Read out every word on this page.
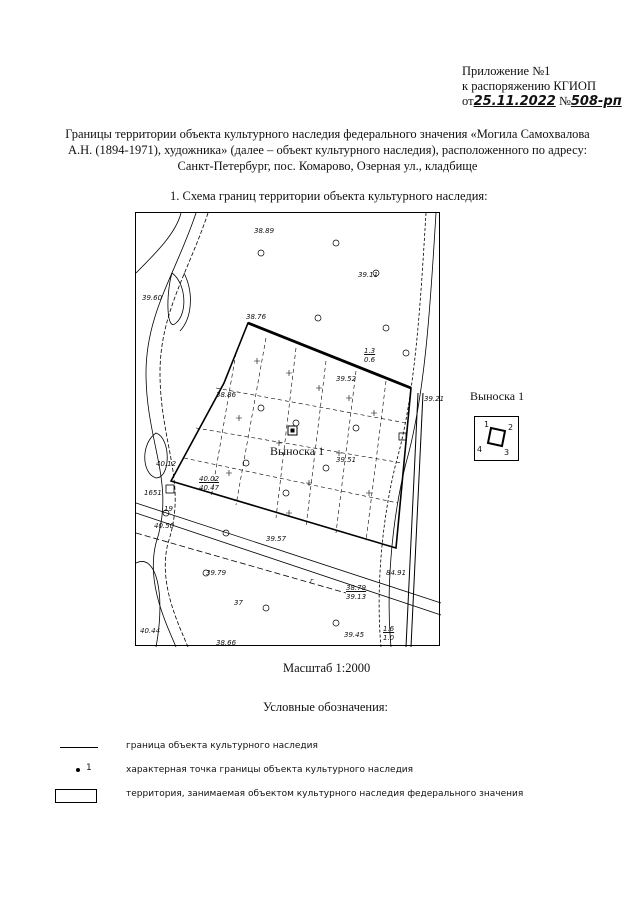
Приложение №1
к распоряжению КГИОП
от25.11.2022 №508-рп
Границы территории объекта культурного наследия федерального значения «Могила Самохвалова
А.Н. (1894-1971), художника» (далее – объект культурного наследия), расположенного по адресу:
Санкт-Петербург, пос. Комарово, Озерная ул., кладбище
1. Схема границ территории объекта культурного наследия:
38.89
39.11
39.60
38.76
1.3
0.6
39.52
38.86	39.21
Выноска 1
40.12	39.51
40.02
40.47
1651
19
40.50
39.57
39.79	84.91
г
38.79
39.13
37
39.45
1.6
1.0
40.44
38.66
Выноска 1
1 2
3
4
Масштаб 1:2000
Условные обозначения:
граница объекта культурного наследия
1	характерная точка границы объекта культурного наследия
территория, занимаемая объектом культурного наследия федерального значения
